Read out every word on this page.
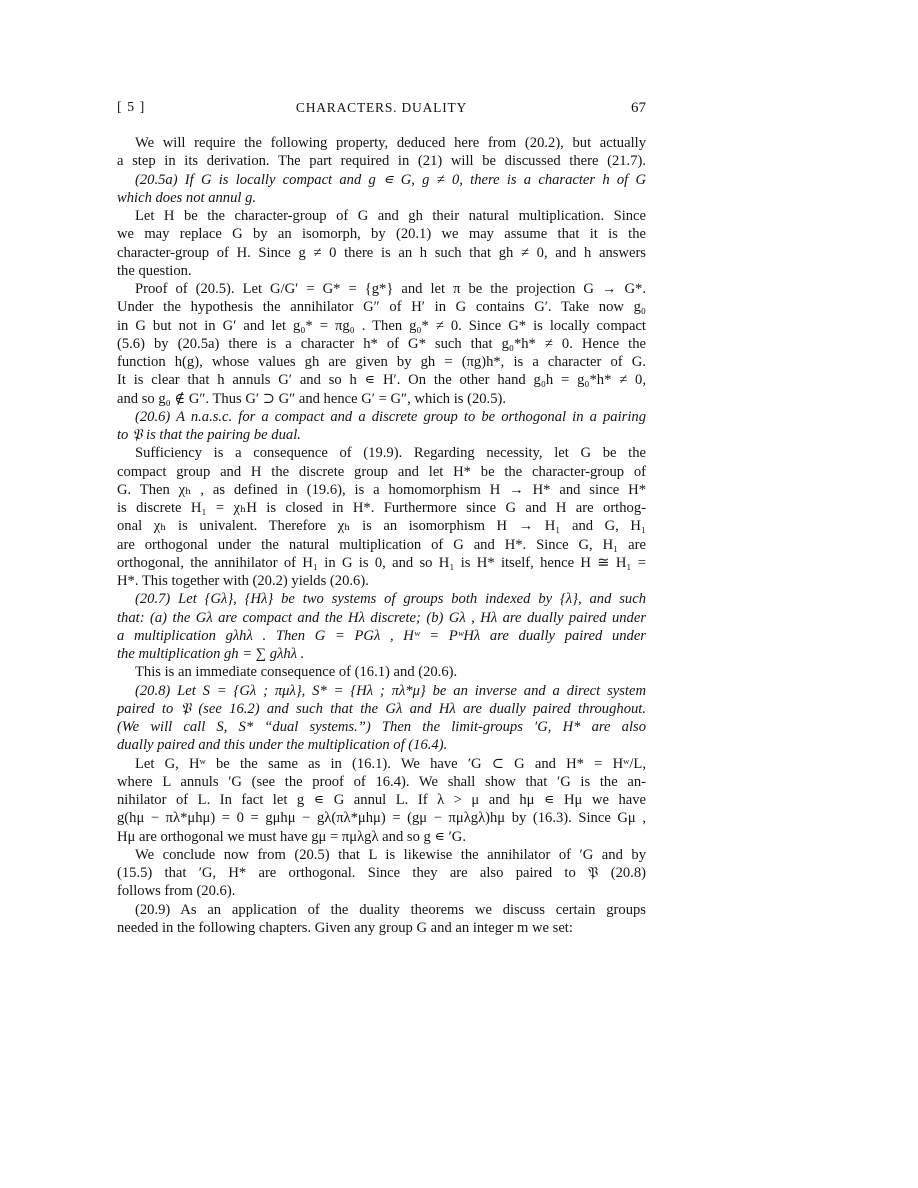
[ 5 ]	CHARACTERS. DUALITY	67
We will require the following property, deduced here from (20.2), but actually
a step in its derivation. The part required in (21) will be discussed there (21.7).
(20.5a) If G is locally compact and g ∊ G, g ≠ 0, there is a character h of G
which does not annul g.
Let H be the character-group of G and gh their natural multiplication. Since
we may replace G by an isomorph, by (20.1) we may assume that it is the
character-group of H. Since g ≠ 0 there is an h such that gh ≠ 0, and h answers
the question.
Proof of (20.5). Let G/G′ = G* = {g*} and let π be the projection G → G*.
Under the hypothesis the annihilator G″ of H′ in G contains G′. Take now g₀
in G but not in G′ and let g₀* = πg₀ . Then g₀* ≠ 0. Since G* is locally compact
(5.6) by (20.5a) there is a character h* of G* such that g₀*h* ≠ 0. Hence the
function h(g), whose values gh are given by gh = (πg)h*, is a character of G.
It is clear that h annuls G′ and so h ∊ H′. On the other hand g₀h = g₀*h* ≠ 0,
and so g₀ ∉ G″. Thus G′ ⊃ G″ and hence G′ = G″, which is (20.5).
(20.6) A n.a.s.c. for a compact and a discrete group to be orthogonal in a pairing
to 𝔓 is that the pairing be dual.
Sufficiency is a consequence of (19.9). Regarding necessity, let G be the
compact group and H the discrete group and let H* be the character-group of
G. Then χₕ , as defined in (19.6), is a homomorphism H → H* and since H*
is discrete H₁ = χₕH is closed in H*. Furthermore since G and H are orthog-
onal χₕ is univalent. Therefore χₕ is an isomorphism H → H₁ and G, H₁
are orthogonal under the natural multiplication of G and H*. Since G, H₁ are
orthogonal, the annihilator of H₁ in G is 0, and so H₁ is H* itself, hence H ≅ H₁ =
H*. This together with (20.2) yields (20.6).
(20.7) Let {Gλ}, {Hλ} be two systems of groups both indexed by {λ}, and such
that: (a) the Gλ are compact and the Hλ discrete; (b) Gλ , Hλ are dually paired under
a multiplication gλhλ . Then G = PGλ , Hʷ = PʷHλ are dually paired under
the multiplication gh = ∑ gλhλ .
This is an immediate consequence of (16.1) and (20.6).
(20.8) Let S = {Gλ ; πμλ}, S* = {Hλ ; πλ*μ} be an inverse and a direct system
paired to 𝔓 (see 16.2) and such that the Gλ and Hλ are dually paired throughout.
(We will call S, S* “dual systems.”) Then the limit-groups ′G, H* are also
dually paired and this under the multiplication of (16.4).
Let G, Hʷ be the same as in (16.1). We have ′G ⊂ G and H* = Hʷ/L,
where L annuls ′G (see the proof of 16.4). We shall show that ′G is the an-
nihilator of L. In fact let g ∊ G annul L. If λ > μ and hμ ∊ Hμ we have
g(hμ − πλ*μhμ) = 0 = gμhμ − gλ(πλ*μhμ) = (gμ − πμλgλ)hμ by (16.3). Since Gμ ,
Hμ are orthogonal we must have gμ = πμλgλ and so g ∊ ′G.
We conclude now from (20.5) that L is likewise the annihilator of ′G and by
(15.5) that ′G, H* are orthogonal. Since they are also paired to 𝔓 (20.8)
follows from (20.6).
(20.9) As an application of the duality theorems we discuss certain groups
needed in the following chapters. Given any group G and an integer m we set:
